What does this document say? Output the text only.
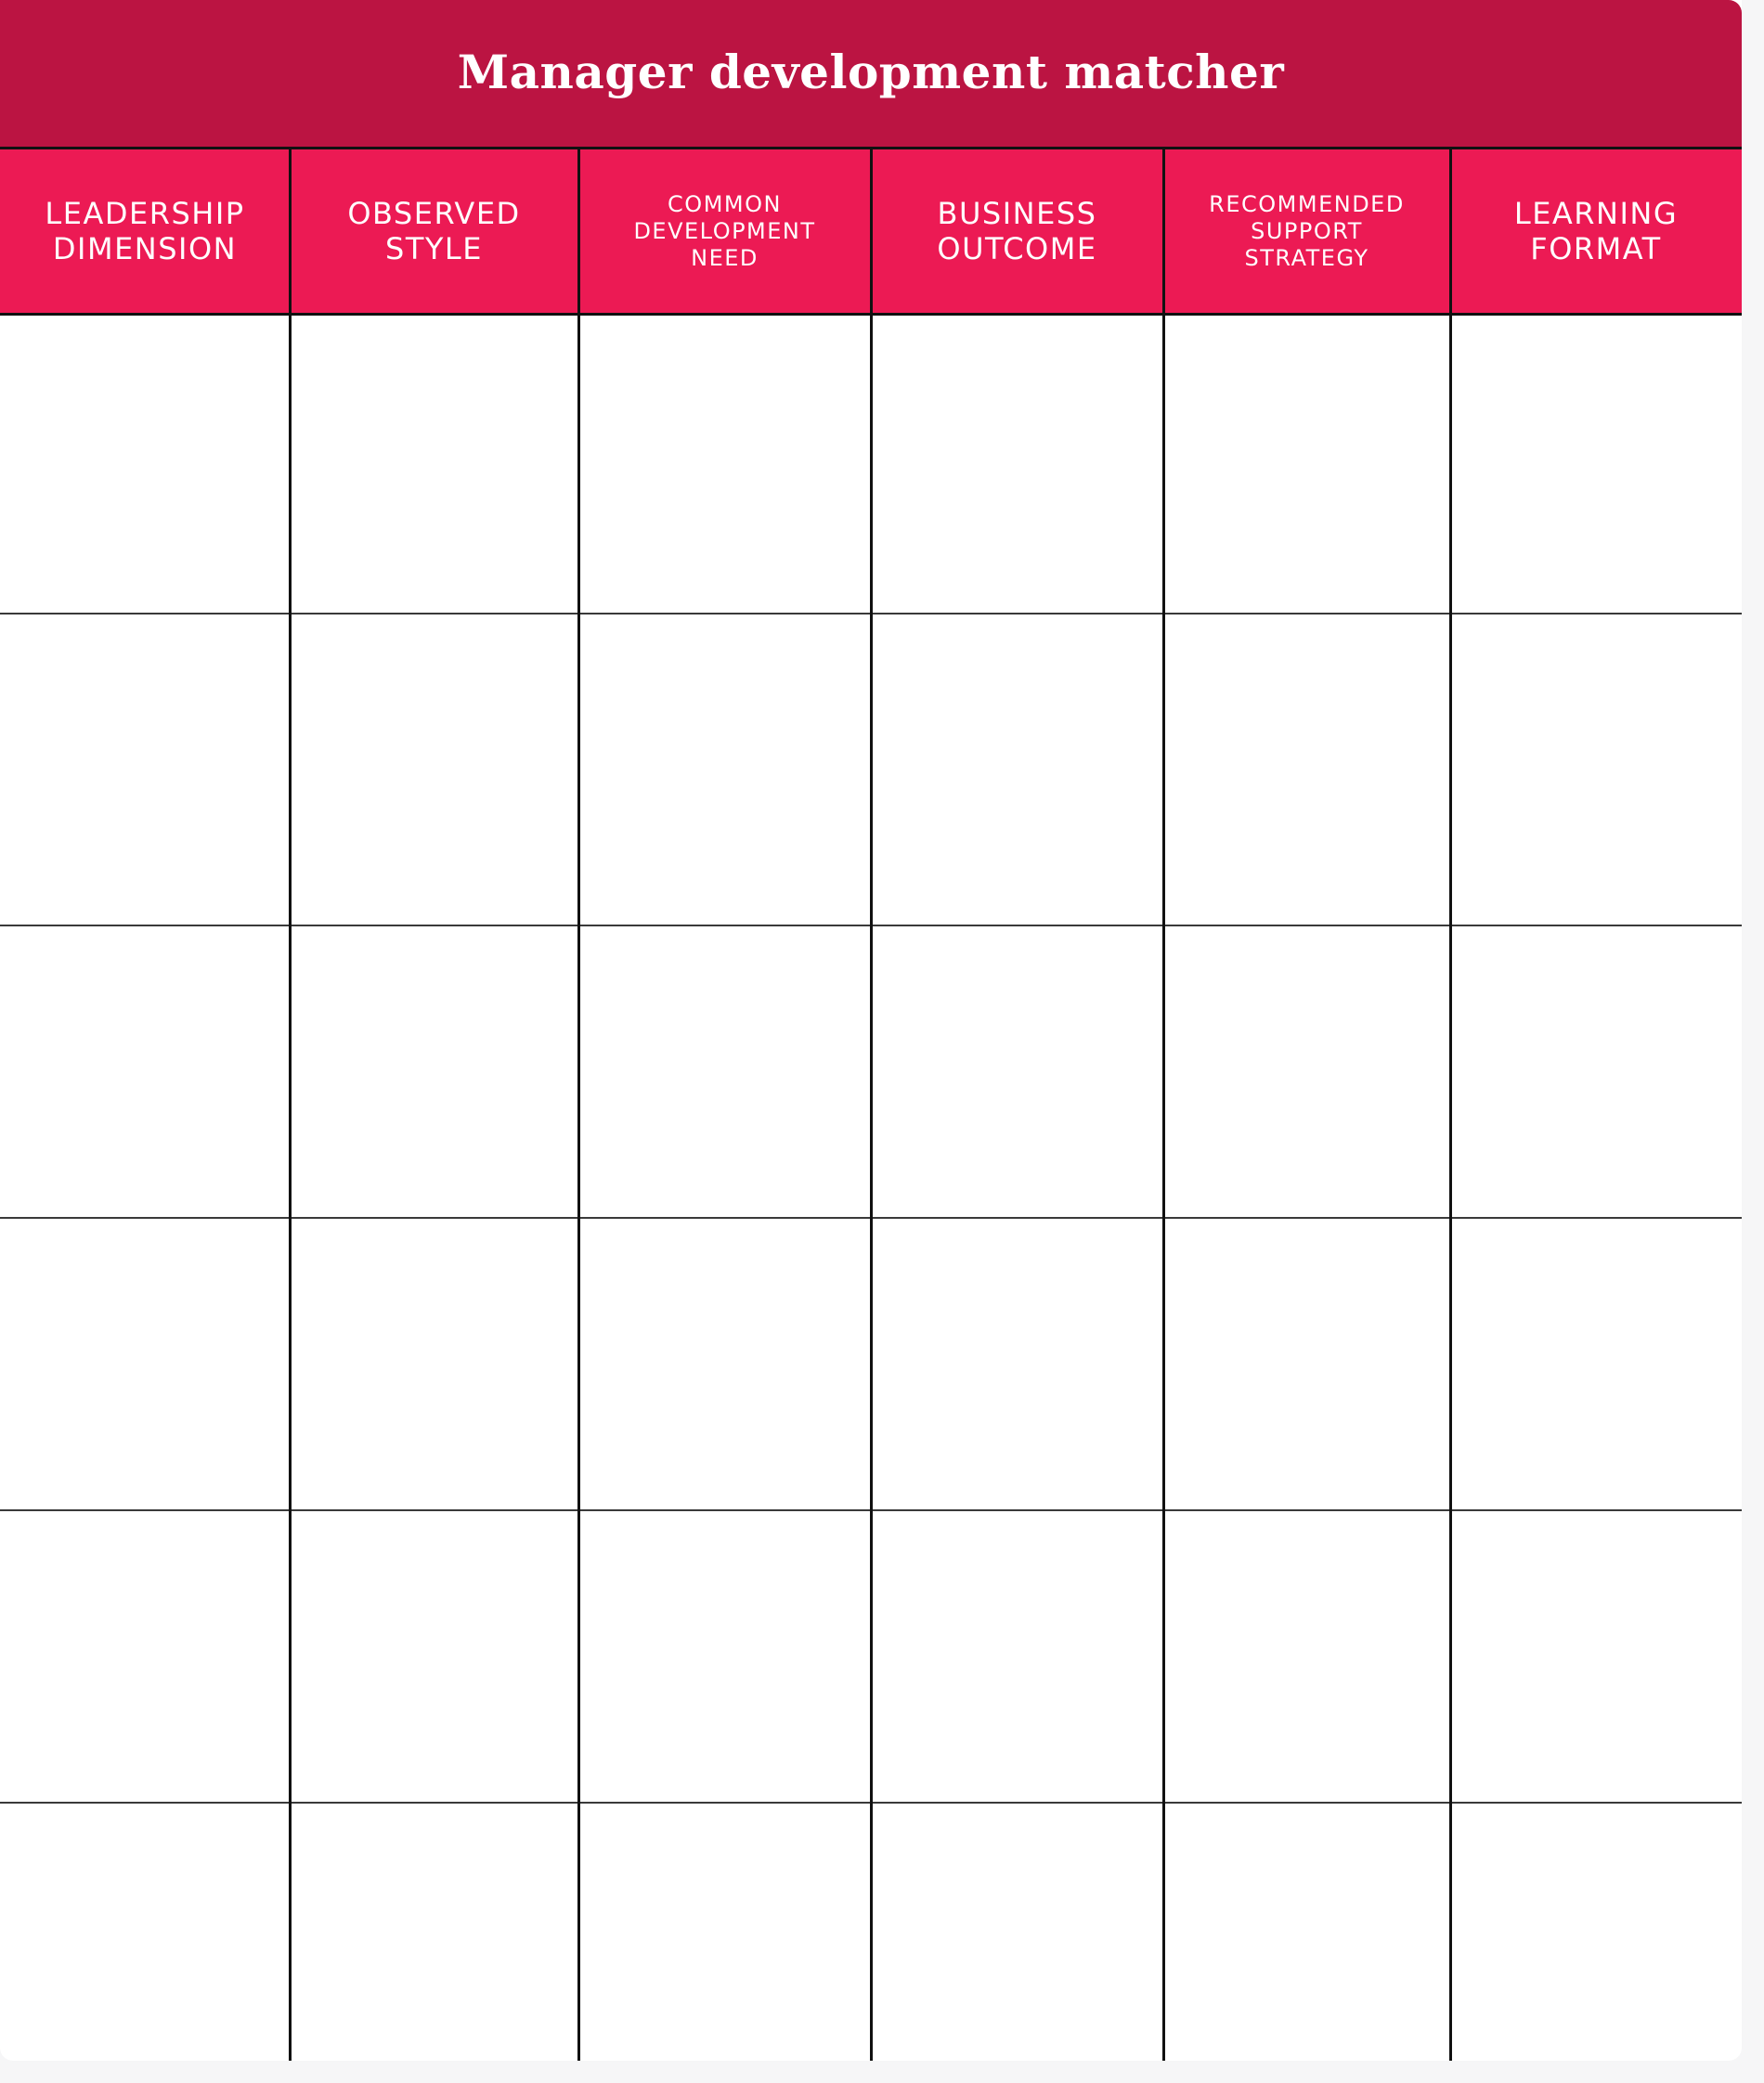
Manager development matcher
LEADERSHIP
DIMENSION
OBSERVED
STYLE
COMMON
DEVELOPMENT
NEED
BUSINESS
OUTCOME
RECOMMENDED
SUPPORT
STRATEGY
LEARNING
FORMAT
